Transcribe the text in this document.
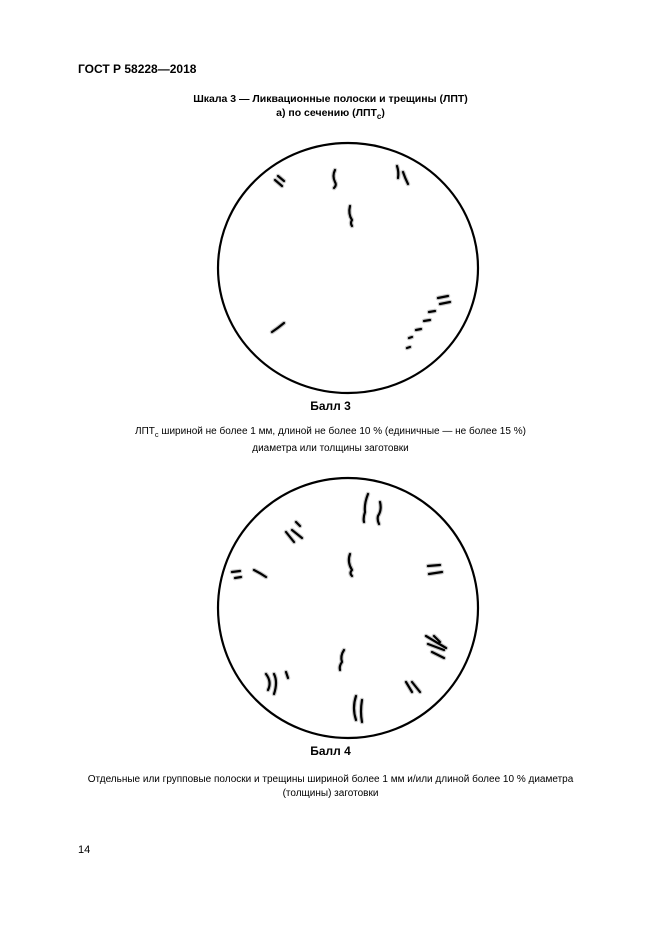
ГОСТ Р 58228—2018
Шкала 3 — Ликвационные полоски и трещины (ЛПТ)
а) по сечению $(ЛПТ_с)$
Балл 3
$ЛПТ_с$ шириной не более 1 мм, длиной не более 10 % (единичные — не более 15 %)
диаметра или толщины заготовки
Балл 4
Отдельные или групповые полоски и трещины шириной более 1 мм и/или длиной более 10 % диаметра
(толщины) заготовки
14
